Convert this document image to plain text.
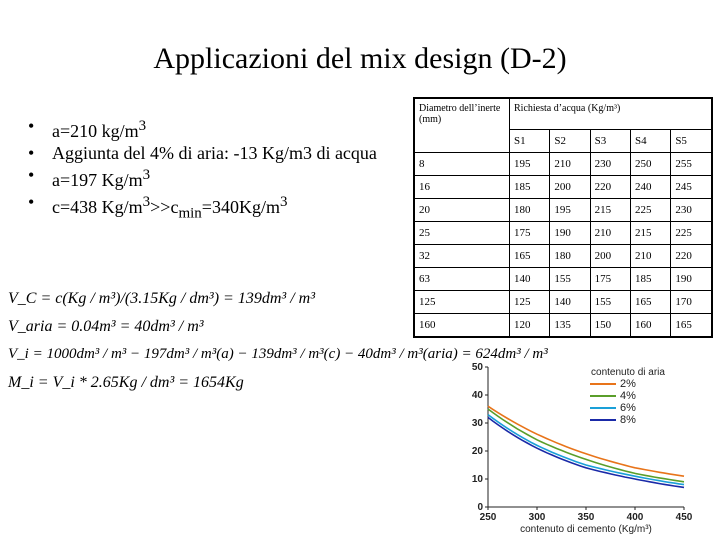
Applicazioni del mix design (D-2)
• a=210 $kg/m^3$
• Aggiunta del 4% di aria: -13 Kg/m3 di acqua
• a=197 $Kg/m^3$
• c=438 $Kg/m^3>>c_{min}=340Kg/m^3$
V_C = c(Kg / m³)/(3.15Kg / dm³) = 139dm³ / m³
V_aria = 0.04m³ = 40dm³ / m³
V_i = 1000dm³ / m³ − 197dm³ / m³(a) − 139dm³ / m³(c) − 40dm³ / m³(aria) = 624dm³ / m³
M_i = V_i * 2.65Kg / dm³ = 1654Kg
Diametro dell’inerte (mm)	Richiesta d’acqua (Kg/m³)				
	S1	S2	S3	S4	S5
8	195	210	230	250	255
16	185	200	220	240	245
20	180	195	215	225	230
25	175	190	210	215	225
32	165	180	200	210	220
63	140	155	175	185	190
125	125	140	155	165	170
160	120	135	150	160	165
250	300	350	400	450
0
10
20
30
40
50
contenuto di cemento (Kg/m³)
contenuto di aria
2%
4%
6%
8%
